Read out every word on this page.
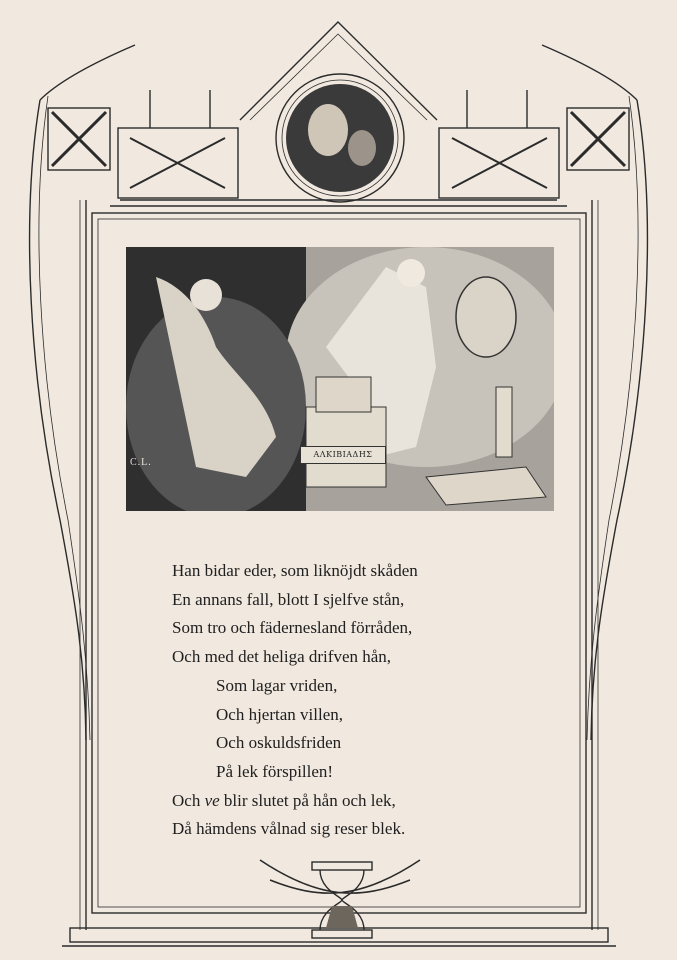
C.L.
ΑΛΚΙΒΙΑΔΗΣ
Han bidar eder, som liknöjdt skåden
En annans fall, blott I sjelfve stån,
Som tro och fädernesland förråden,
Och med det heliga drifven hån,
Som lagar vriden,
Och hjertan villen,
Och oskuldsfriden
På lek förspillen!
Och ve blir slutet på hån och lek,
Då hämdens vålnad sig reser blek.
